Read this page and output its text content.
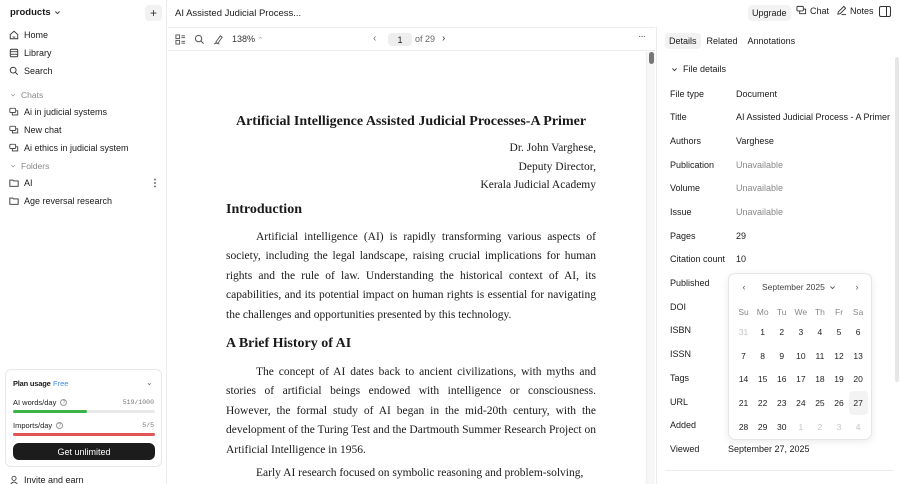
products	+
Home
Library
Search
Chats
Ai in judicial systems
New chat
Ai ethics in judicial system
Folders
AI	⋮
Age reversal research
Plan usage Free	⌄
AI words/day	?	519/1000
Imports/day	?	5/5
Get unlimited
Invite and earn
AI Assisted Judicial Process...	Upgrade	Chat Notes
138% ⌃	‹	1	of 29 ›	···
Artificial Intelligence Assisted Judicial Processes-A Primer
Dr. John Varghese,
Deputy Director,
Kerala Judicial Academy
Introduction
Artificial intelligence (AI) is rapidly transforming various aspects of society, including the legal landscape, raising crucial implications for human rights and the rule of law. Understanding the historical context of AI, its capabilities, and its potential impact on human rights is essential for navigating the challenges and opportunities presented by this technology.
A Brief History of AI
The concept of AI dates back to ancient civilizations, with myths and stories of artificial beings endowed with intelligence or consciousness. However, the formal study of AI began in the mid-20th century, with the development of the Turing Test and the Dartmouth Summer Research Project on Artificial Intelligence in 1956.
Early AI research focused on symbolic reasoning and problem-solving,
Details	Related	Annotations
File details
File type	Document
Title	AI Assisted Judicial Process - A Primer
Authors	Varghese
Publication Unavailable
Volume	Unavailable
Issue	Unavailable
Pages	29
Citation count 10
Published
DOI
ISBN
ISSN
Tags
URL
Added
Viewed	September 27, 2025
‹	September 2025	›
Su Mo Tu We Th	Fr	Sa
31	1	2	3	4	5	6
7	8	9	10	11	12	13
14	15	16	17	18	19	20
21	22	23	24	25	26	27
28	29	30	1	2	3	4
